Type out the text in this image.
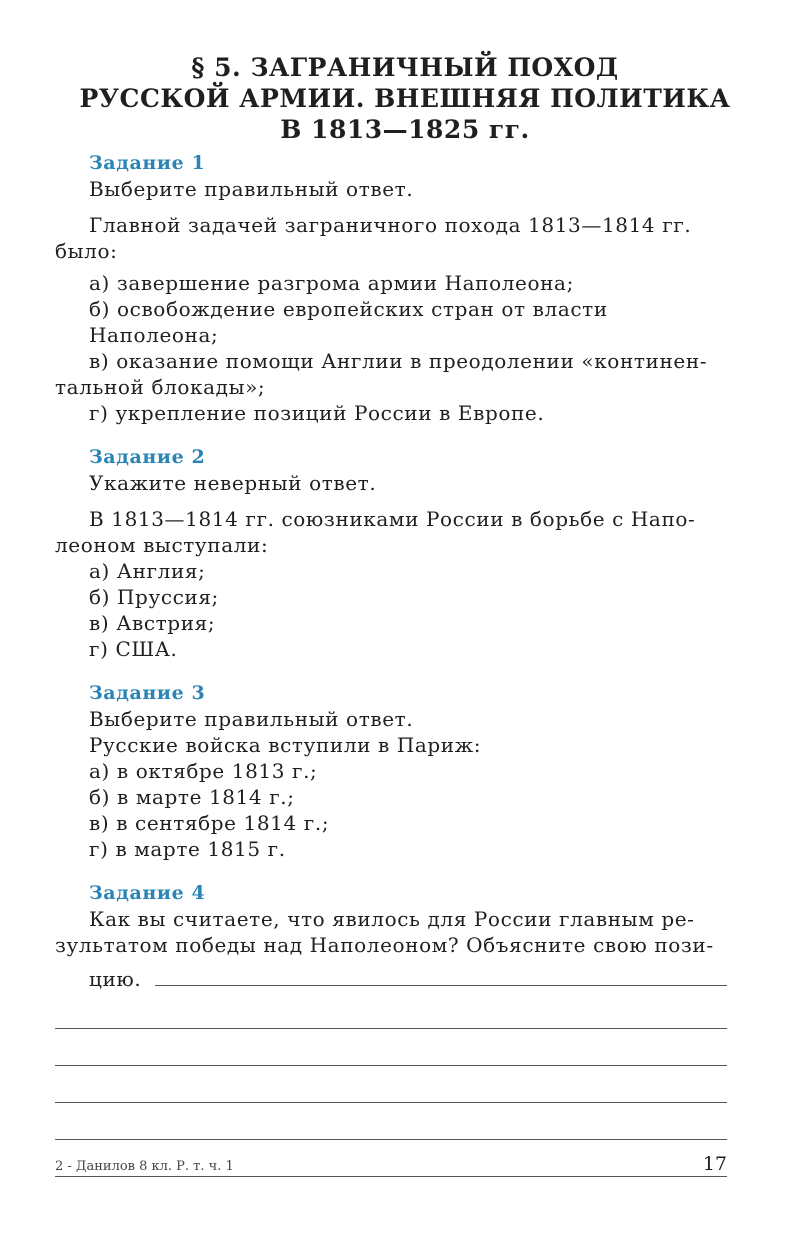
§ 5. ЗАГРАНИЧНЫЙ ПОХОД
РУССКОЙ АРМИИ. ВНЕШНЯЯ ПОЛИТИКА
В 1813—1825 гг.
Задание 1
Выберите правильный ответ.
Главной задачей заграничного похода 1813—1814 гг. было:
а) завершение разгрома армии Наполеона;
б) освобождение европейских стран от власти Наполеона;
в) оказание помощи Англии в преодолении «континен-тальной блокады»;
г) укрепление позиций России в Европе.
Задание 2
Укажите неверный ответ.
В 1813—1814 гг. союзниками России в борьбе с Напо-леоном выступали:
а) Англия;
б) Пруссия;
в) Австрия;
г) США.
Задание 3
Выберите правильный ответ.
Русские войска вступили в Париж:
а) в октябре 1813 г.;
б) в марте 1814 г.;
в) в сентябре 1814 г.;
г) в марте 1815 г.
Задание 4
Как вы считаете, что явилось для России главным ре-зультатом победы над Наполеоном? Объясните свою пози-
цию.
2 - Данилов 8 кл. Р. т. ч. 1	17
